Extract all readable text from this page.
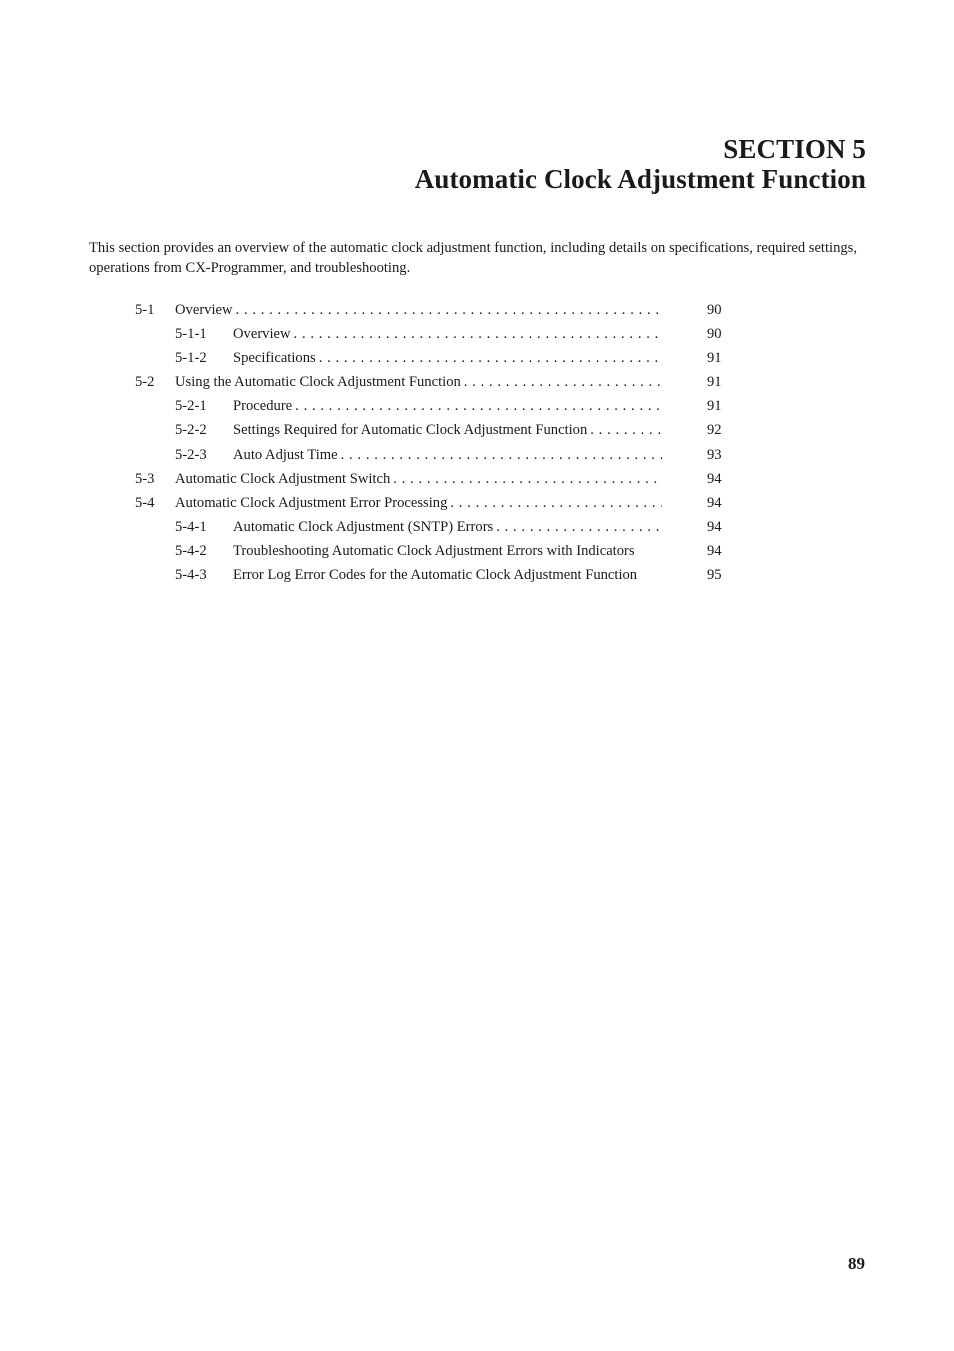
SECTION 5
Automatic Clock Adjustment Function

This section provides an overview of the automatic clock adjustment function, including details on specifications, required settings, operations from CX-Programmer, and troubleshooting.

5-1 Overview . . .	90
5-1-1 Overview . . .	90
5-1-2 Specifications . . .	91
5-2 Using the Automatic Clock Adjustment Function . . .	91
5-2-1 Procedure . . .	91
5-2-2 Settings Required for Automatic Clock Adjustment Function . . .	92
5-2-3 Auto Adjust Time . . .	93
5-3 Automatic Clock Adjustment Switch . . .	94
5-4 Automatic Clock Adjustment Error Processing . . .	94
5-4-1 Automatic Clock Adjustment (SNTP) Errors . . .	94
5-4-2 Troubleshooting Automatic Clock Adjustment Errors with Indicators	94
5-4-3 Error Log Error Codes for the Automatic Clock Adjustment Function	95
89
